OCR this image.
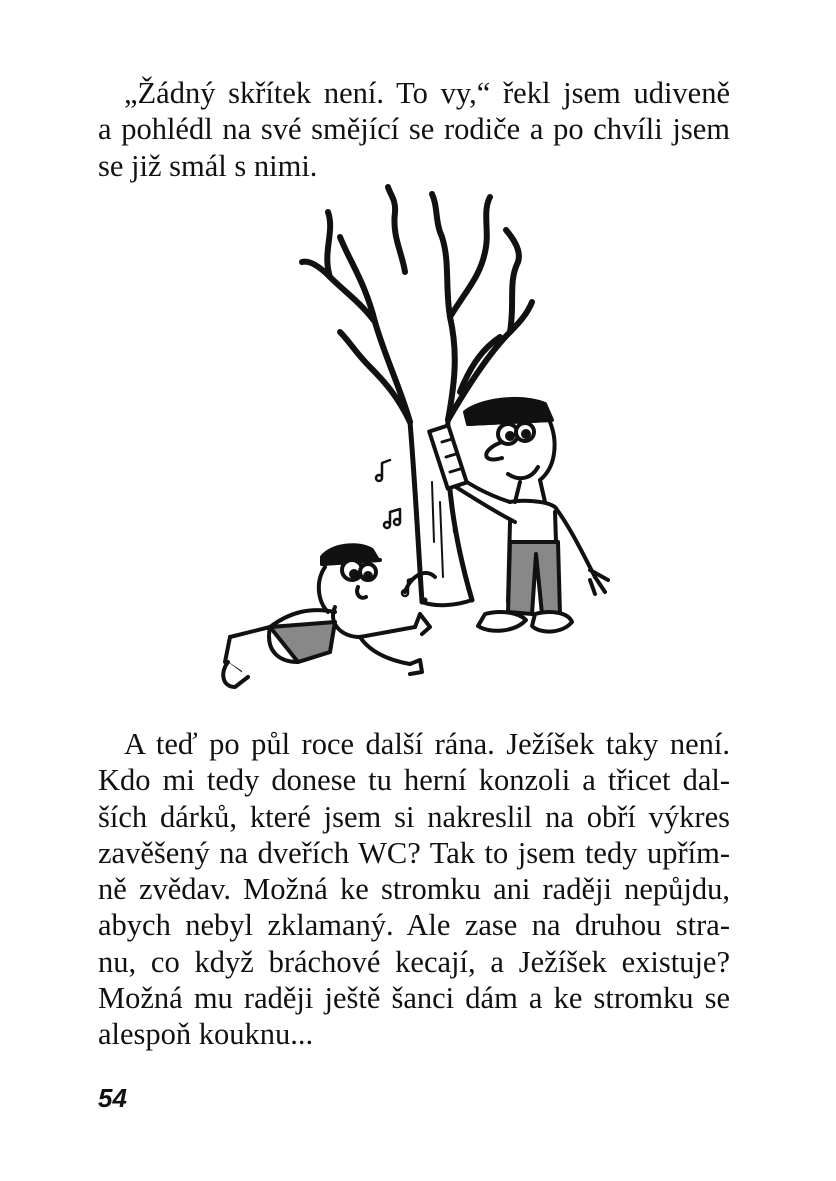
„Žádný skřítek není. To vy,“ řekl jsem udiveně
a pohlédl na své smějící se rodiče a po chvíli jsem
se již smál s nimi.
A teď po půl roce další rána. Ježíšek taky není.
Kdo mi tedy donese tu herní konzoli a třicet dal-
ších dárků, které jsem si nakreslil na obří výkres
zavěšený na dveřích WC? Tak to jsem tedy upřím-
ně zvědav. Možná ke stromku ani raději nepůjdu,
abych nebyl zklamaný. Ale zase na druhou stra-
nu, co když bráchové kecají, a Ježíšek existuje?
Možná mu raději ještě šanci dám a ke stromku se
alespoň kouknu...
54
